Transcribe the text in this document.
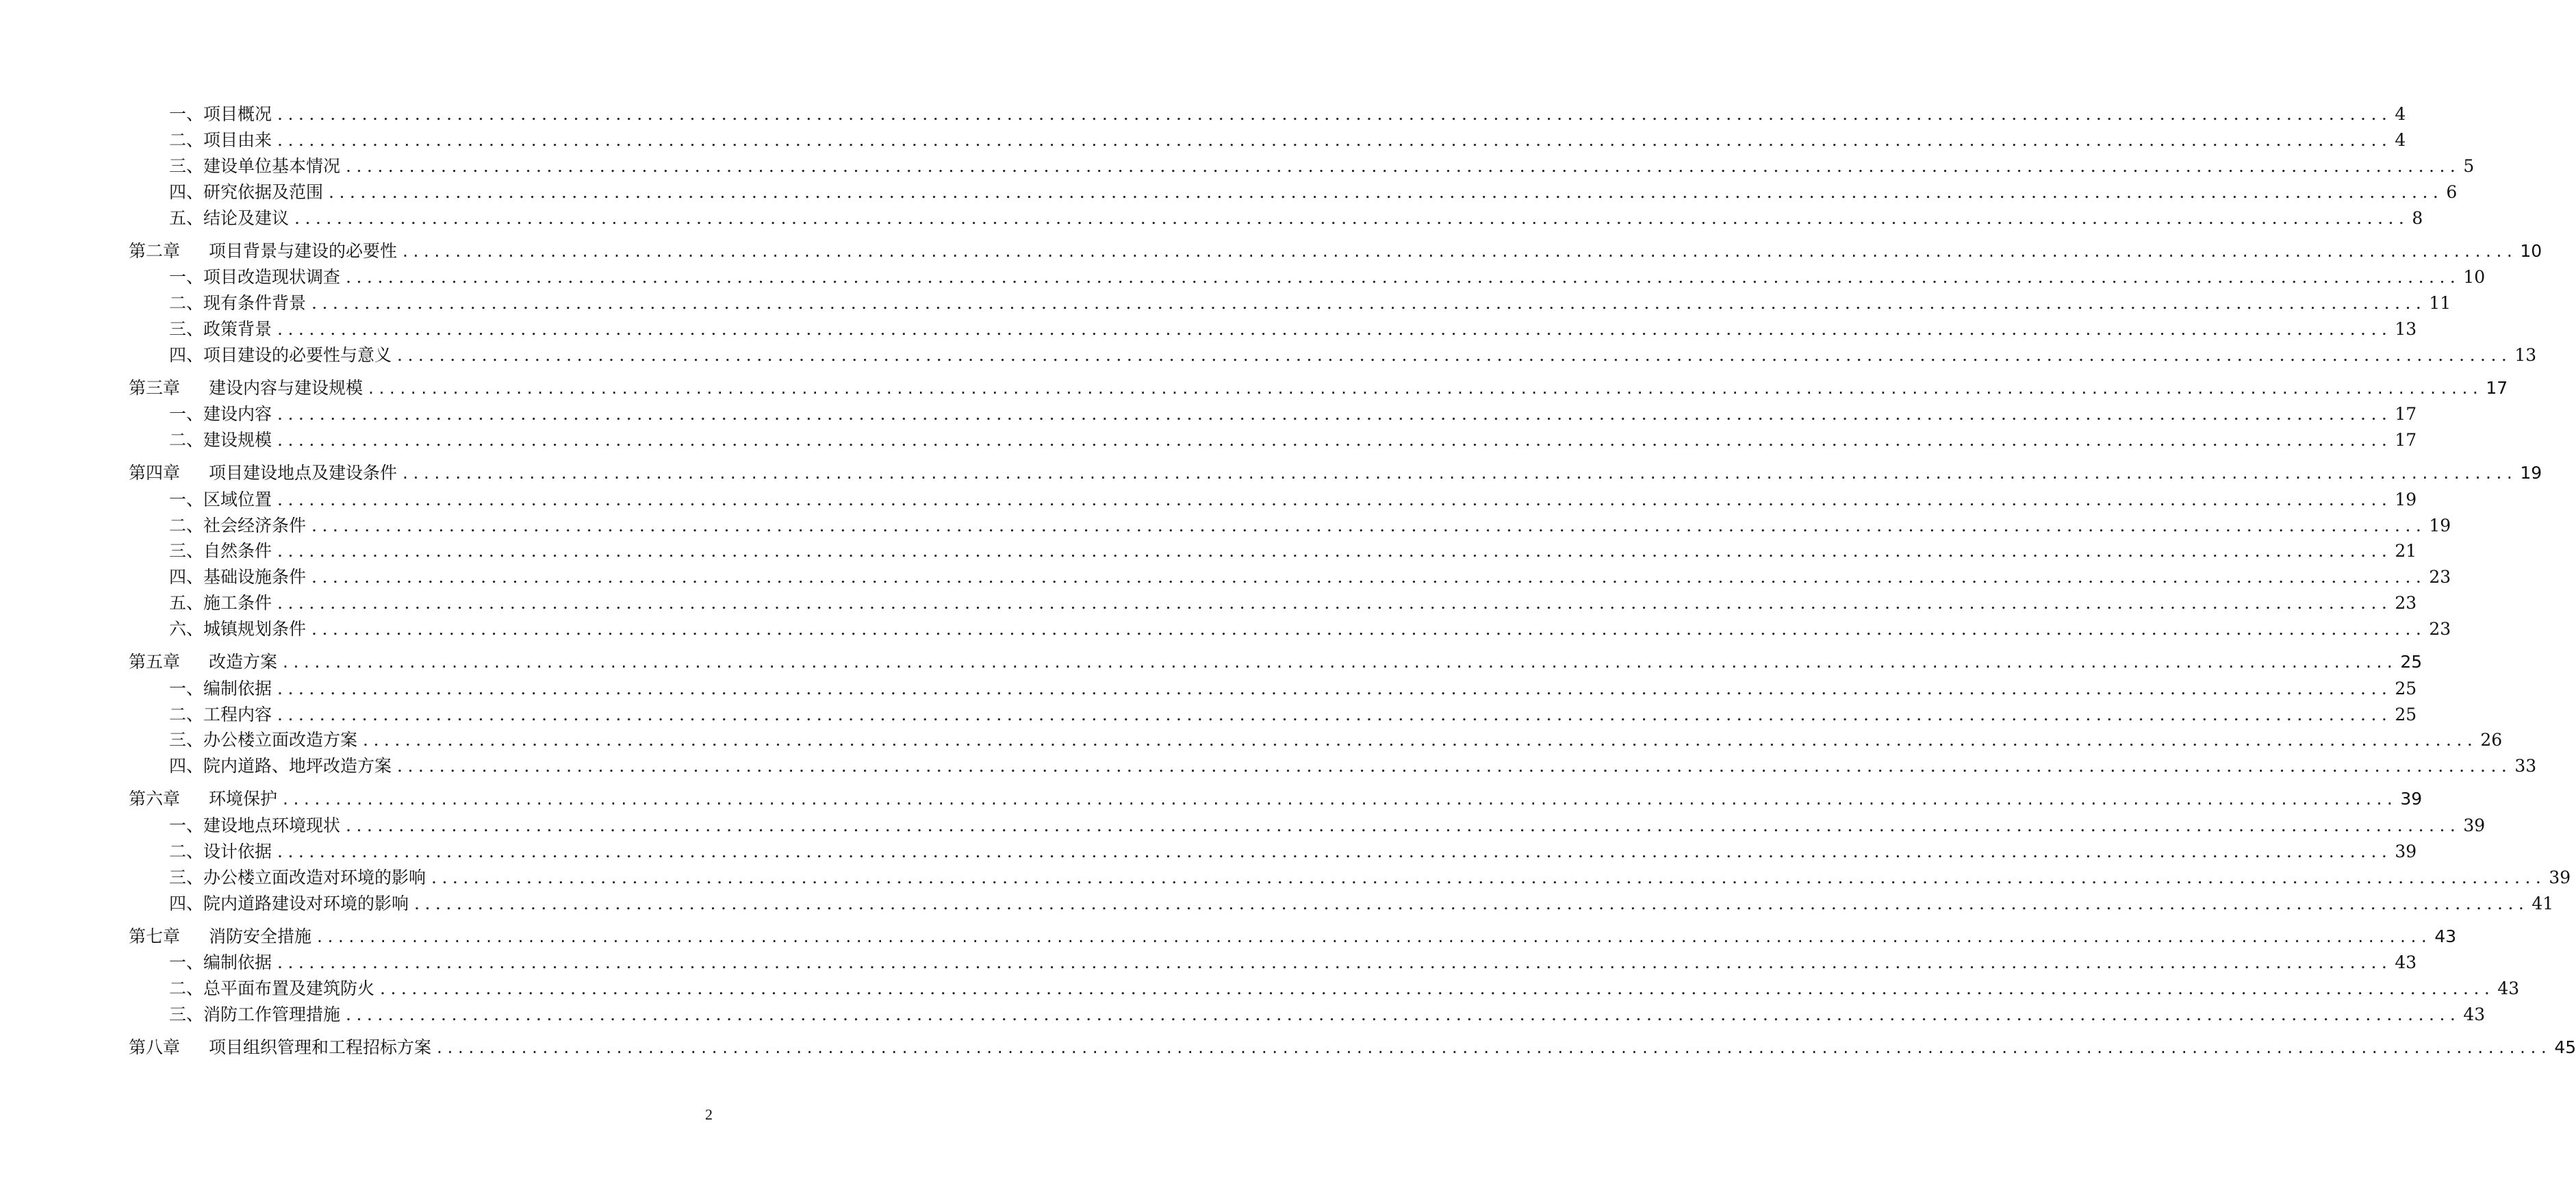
一、项目概况 ........................................................................................................................................................................................................ 4
二、项目由来 ........................................................................................................................................................................................................ 4
三、建设单位基本情况 ........................................................................................................................................................................................................ 5
四、研究依据及范围 ........................................................................................................................................................................................................ 6
五、结论及建议 ........................................................................................................................................................................................................ 8
第二章 项目背景与建设的必要性 ........................................................................................................................................................................................................ 10
一、项目改造现状调查 ........................................................................................................................................................................................................ 10
二、现有条件背景 ........................................................................................................................................................................................................ 11
三、政策背景 ........................................................................................................................................................................................................ 13
四、项目建设的必要性与意义 ........................................................................................................................................................................................................ 13
第三章 建设内容与建设规模 ........................................................................................................................................................................................................ 17
一、建设内容 ........................................................................................................................................................................................................ 17
二、建设规模 ........................................................................................................................................................................................................ 17
第四章 项目建设地点及建设条件 ........................................................................................................................................................................................................ 19
一、区域位置 ........................................................................................................................................................................................................ 19
二、社会经济条件 ........................................................................................................................................................................................................ 19
三、自然条件 ........................................................................................................................................................................................................ 21
四、基础设施条件 ........................................................................................................................................................................................................ 23
五、施工条件 ........................................................................................................................................................................................................ 23
六、城镇规划条件 ........................................................................................................................................................................................................ 23
第五章 改造方案 ........................................................................................................................................................................................................ 25
一、编制依据 ........................................................................................................................................................................................................ 25
二、工程内容 ........................................................................................................................................................................................................ 25
三、办公楼立面改造方案 ........................................................................................................................................................................................................ 26
四、院内道路、地坪改造方案 ........................................................................................................................................................................................................ 33
第六章 环境保护 ........................................................................................................................................................................................................ 39
一、建设地点环境现状 ........................................................................................................................................................................................................ 39
二、设计依据 ........................................................................................................................................................................................................ 39
三、办公楼立面改造对环境的影响 ........................................................................................................................................................................................................ 39
四、院内道路建设对环境的影响 ........................................................................................................................................................................................................ 41
第七章 消防安全措施 ........................................................................................................................................................................................................ 43
一、编制依据 ........................................................................................................................................................................................................ 43
二、总平面布置及建筑防火 ........................................................................................................................................................................................................ 43
三、消防工作管理措施 ........................................................................................................................................................................................................ 43
第八章 项目组织管理和工程招标方案 ........................................................................................................................................................................................................ 45
2
